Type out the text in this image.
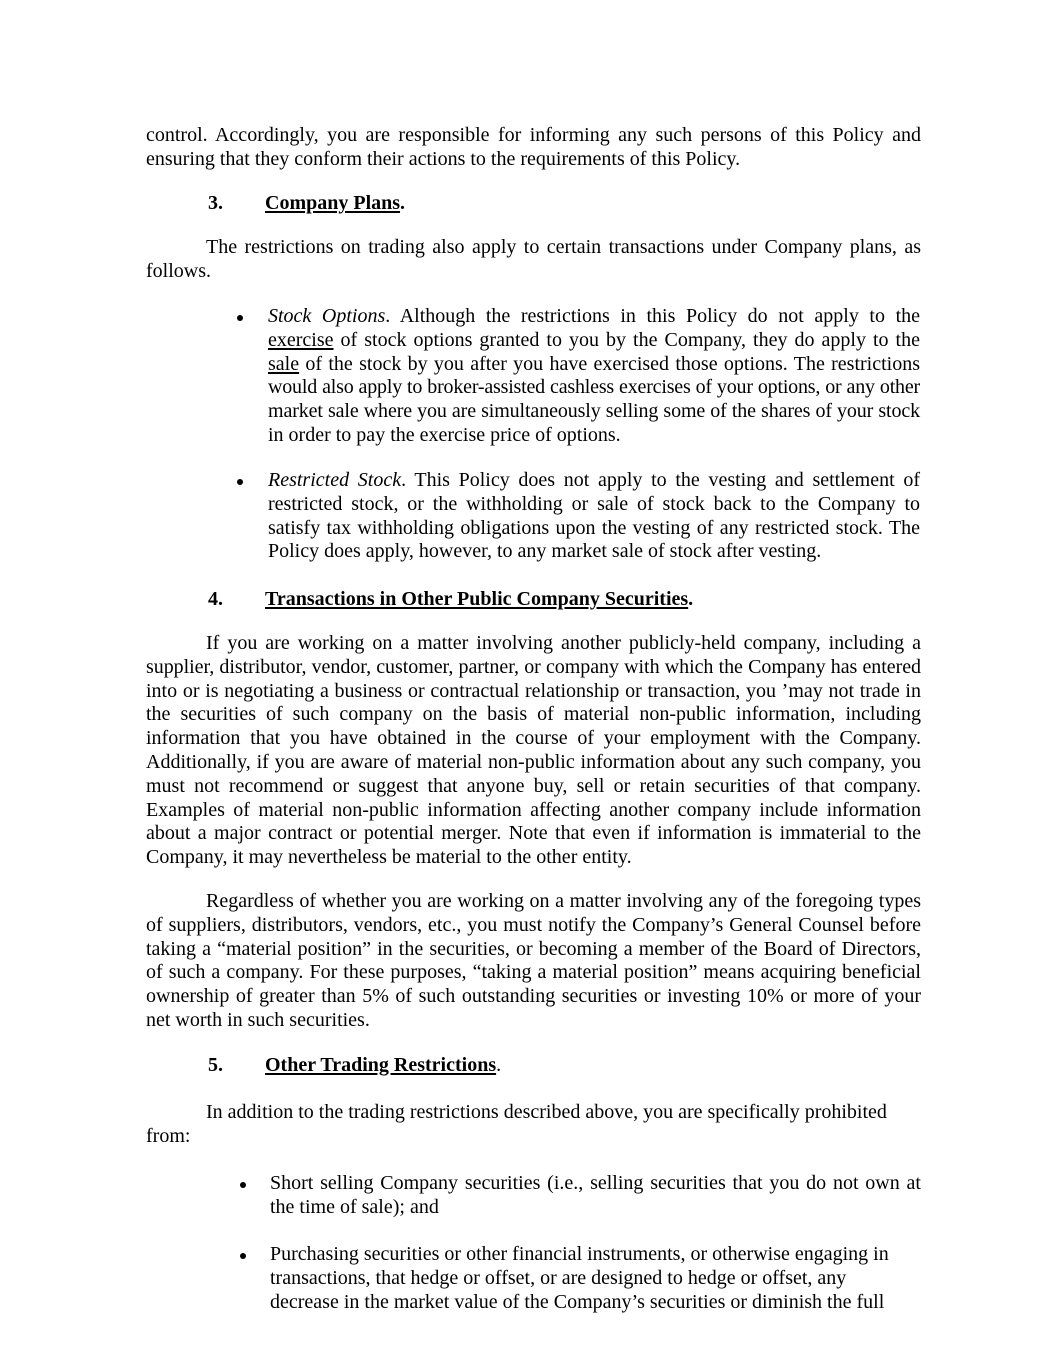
control. Accordingly, you are responsible for informing any such persons of this Policy and
ensuring that they conform their actions to the requirements of this Policy.
3. Company Plans.
The restrictions on trading also apply to certain transactions under Company plans, as
follows.
Stock Options. Although the restrictions in this Policy do not apply to the
exercise of stock options granted to you by the Company, they do apply to the
sale of the stock by you after you have exercised those options. The restrictions
would also apply to broker-assisted cashless exercises of your options, or any other
market sale where you are simultaneously selling some of the shares of your stock
in order to pay the exercise price of options.
Restricted Stock. This Policy does not apply to the vesting and settlement of
restricted stock, or the withholding or sale of stock back to the Company to
satisfy tax withholding obligations upon the vesting of any restricted stock. The
Policy does apply, however, to any market sale of stock after vesting.
4. Transactions in Other Public Company Securities.
If you are working on a matter involving another publicly-held company, including a
supplier, distributor, vendor, customer, partner, or company with which the Company has entered
into or is negotiating a business or contractual relationship or transaction, you ’may not trade in
the securities of such company on the basis of material non-public information, including
information that you have obtained in the course of your employment with the Company.
Additionally, if you are aware of material non-public information about any such company, you
must not recommend or suggest that anyone buy, sell or retain securities of that company.
Examples of material non-public information affecting another company include information
about a major contract or potential merger. Note that even if information is immaterial to the
Company, it may nevertheless be material to the other entity.
Regardless of whether you are working on a matter involving any of the foregoing types
of suppliers, distributors, vendors, etc., you must notify the Company’s General Counsel before
taking a “material position” in the securities, or becoming a member of the Board of Directors,
of such a company. For these purposes, “taking a material position” means acquiring beneficial
ownership of greater than 5% of such outstanding securities or investing 10% or more of your
net worth in such securities.
5. Other Trading Restrictions.
In addition to the trading restrictions described above, you are specifically prohibited
from:
Short selling Company securities (i.e., selling securities that you do not own at
the time of sale); and
Purchasing securities or other financial instruments, or otherwise engaging in
transactions, that hedge or offset, or are designed to hedge or offset, any
decrease in the market value of the Company’s securities or diminish the full
